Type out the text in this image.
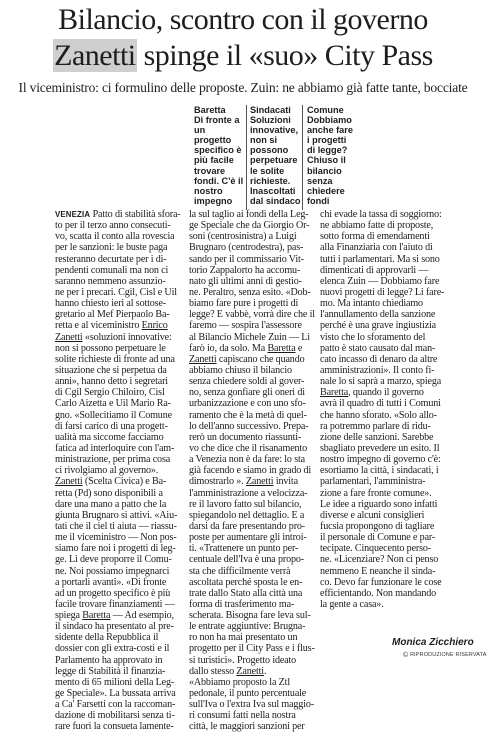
Bilancio, scontro con il governo
Zanetti spinge il «suo» City Pass
Il viceministro: ci formulino delle proposte. Zuin: ne abbiamo già fatte tante, bocciate
Baretta
Di fronte a
un
progetto
specifico è
più facile
trovare
fondi. C'è il
nostro
impegno
Sindacati
Soluzioni
innovative,
non si
possono
perpetuare
le solite
richieste.
Inascoltati
dal sindaco
Comune
Dobbiamo
anche fare
i progetti
di legge?
Chiuso il
bilancio
senza
chiedere
fondi
VENEZIA Patto di stabilità sfora-
to per il terzo anno consecuti-
vo, scatta il conto alla rovescia
per le sanzioni: le buste paga
resteranno decurtate per i di-
pendenti comunali ma non ci
saranno nemmeno assunzio-
ne per i precari. Cgil, Cisl e Uil
hanno chiesto ieri al sottose-
gretario al Mef Pierpaolo Ba-
retta e al viceministro Enrico
Zanetti «soluzioni innovative:
non si possono perpetuare le
solite richieste di fronte ad una
situazione che si perpetua da
anni», hanno detto i segretari
di Cgil Sergio Chiloiro, Cisl
Carlo Aizetta e Uil Mario Ra-
gno. «Sollecitiamo il Comune
di farsi carico di una progett-
ualità ma siccome facciamo
fatica ad interloquire con l'am-
ministrazione, per prima cosa
ci rivolgiamo al governo».
Zanetti (Scelta Civica) e Ba-
retta (Pd) sono disponibili a
dare una mano a patto che la
giunta Brugnaro si attivi. «Aiu-
tati che il ciel ti aiuta — riassu-
me il viceministro — Non pos-
siamo fare noi i progetti di leg-
ge. Li deve proporre il Comu-
ne. Noi possiamo impegnarci
a portarli avanti». «Di fronte
ad un progetto specifico è più
facile trovare finanziamenti —
spiega Baretta — Ad esempio,
il sindaco ha presentato al pre-
sidente della Repubblica il
dossier con gli extra-costi e il
Parlamento ha approvato in
legge di Stabilità il finanzia-
mento di 65 milioni della Leg-
ge Speciale». La bussata arriva
a Ca' Farsetti con la raccoman-
dazione di mobilitarsi senza ti-
rare fuori la consueta lamente-
la sul taglio ai fondi della Leg-
ge Speciale che da Giorgio Or-
soni (centrosinistra) a Luigi
Brugnaro (centrodestra), pas-
sando per il commissario Vit-
torio Zappalorto ha accomu-
nato gli ultimi anni di gestio-
ne. Peraltro, senza esito. «Dob-
biamo fare pure i progetti di
legge? E vabbè, vorrà dire che il
faremo — sospira l'assessore
al Bilancio Michele Zuin — Li
farò io, da solo. Ma Baretta e
Zanetti capiscano che quando
abbiamo chiuso il bilancio
senza chiedere soldi al gover-
no, senza gonfiare gli oneri di
urbanizzazione e con uno sfo-
ramento che è la metà di quel-
lo dell'anno successivo. Prepa-
rerò un documento riassunti-
vo che dice che il risanamento
a Venezia non è da fare: lo sta
già facendo e siamo in grado di
dimostrarlo ». Zanetti invita
l'amministrazione a velocizza-
re il lavoro fatto sul bilancio,
spiegandolo nel dettaglio. E a
darsi da fare presentando pro-
poste per aumentare gli introi-
ti. «Trattenere un punto per-
centuale dell'Iva è una propo-
sta che difficilmente verrà
ascoltata perché sposta le en-
trate dallo Stato alla città una
forma di trasferimento ma-
scherata. Bisogna fare leva sul-
le entrate aggiuntive: Brugna-
ro non ha mai presentato un
progetto per il City Pass e i flus-
si turistici». Progetto ideato
dallo stesso Zanetti.
«Abbiamo proposto la Ztl
pedonale, il punto percentuale
sull'Iva o l'extra Iva sul maggio-
ri consumi fatti nella nostra
città, le maggiori sanzioni per
chi evade la tassa di soggiorno:
ne abbiamo fatte di proposte,
sotto forma di emendamenti
alla Finanziaria con l'aiuto di
tutti i parlamentari. Ma si sono
dimenticati di approvarli —
elenca Zuin — Dobbiamo fare
nuovi progetti di legge? Li fare-
mo. Ma intanto chiediamo
l'annullamento della sanzione
perché è una grave ingiustizia
visto che lo sforamento del
patto è stato causato dal man-
cato incasso di denaro da altre
amministrazioni». Il conto fi-
nale lo si saprà a marzo, spiega
Baretta, quando il governo
avrà il quadro di tutti i Comuni
che hanno sforato. «Solo allo-
ra potremmo parlare di ridu-
zione delle sanzioni. Sarebbe
sbagliato prevedere un esito. Il
nostro impegno di governo c'è:
esortiamo la città, i sindacati, i
parlamentari, l'amministra-
zione a fare fronte comune».
Le idee a riguardo sono infatti
diverse e alcuni consiglieri
fucsia propongono di tagliare
il personale di Comune e par-
tecipate. Cinquecento perso-
ne. «Licenziare? Non ci penso
nemmeno E neanche il sinda-
co. Devo far funzionare le cose
efficientando. Non mandando
la gente a casa».
Monica Zicchiero
© RIPRODUZIONE RISERVATA
